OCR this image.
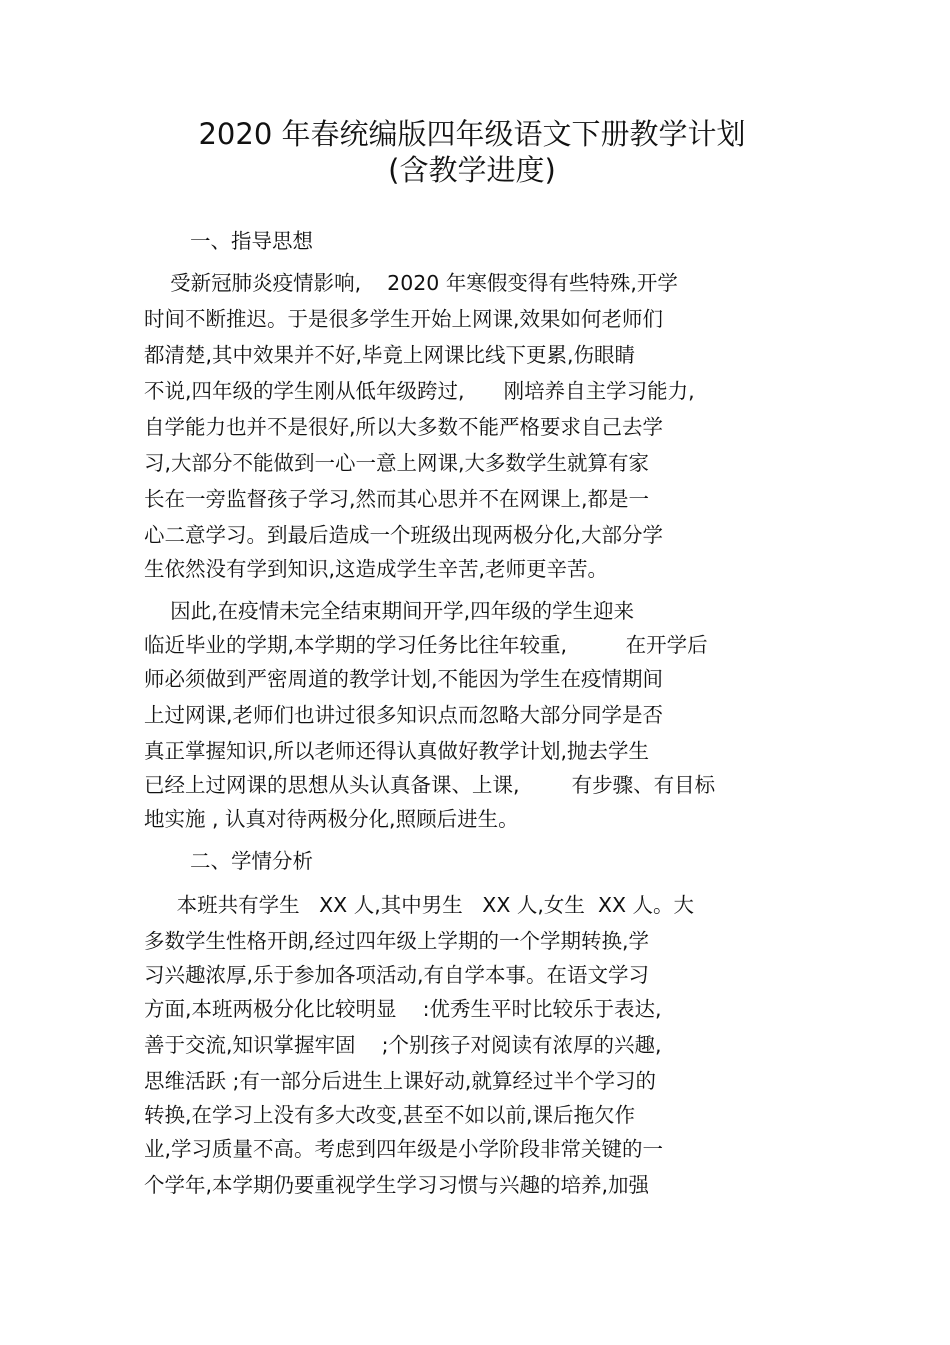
2020 年春统编版四年级语文下册教学计划
(含教学进度)
一、指导思想
受新冠肺炎疫情影响,    2020 年寒假变得有些特殊,开学
时间不断推迟。于是很多学生开始上网课,效果如何老师们
都清楚,其中效果并不好,毕竟上网课比线下更累,伤眼睛
不说,四年级的学生刚从低年级跨过,      刚培养自主学习能力,
自学能力也并不是很好,所以大多数不能严格要求自己去学
习,大部分不能做到一心一意上网课,大多数学生就算有家
长在一旁监督孩子学习,然而其心思并不在网课上,都是一
心二意学习。到最后造成一个班级出现两极分化,大部分学
生依然没有学到知识,这造成学生辛苦,老师更辛苦。
因此,在疫情未完全结束期间开学,四年级的学生迎来
临近毕业的学期,本学期的学习任务比往年较重,         在开学后
师必须做到严密周道的教学计划,不能因为学生在疫情期间
上过网课,老师们也讲过很多知识点而忽略大部分同学是否
真正掌握知识,所以老师还得认真做好教学计划,抛去学生
已经上过网课的思想从头认真备课、上课,        有步骤、有目标
地实施 , 认真对待两极分化,照顾后进生。
二、学情分析
本班共有学生   XX 人,其中男生   XX 人,女生  XX 人。大
多数学生性格开朗,经过四年级上学期的一个学期转换,学
习兴趣浓厚,乐于参加各项活动,有自学本事。在语文学习
方面,本班两极分化比较明显    :优秀生平时比较乐于表达,
善于交流,知识掌握牢固    ;个别孩子对阅读有浓厚的兴趣,
思维活跃 ;有一部分后进生上课好动,就算经过半个学习的
转换,在学习上没有多大改变,甚至不如以前,课后拖欠作
业,学习质量不高。考虑到四年级是小学阶段非常关键的一
个学年,本学期仍要重视学生学习习惯与兴趣的培养,加强
